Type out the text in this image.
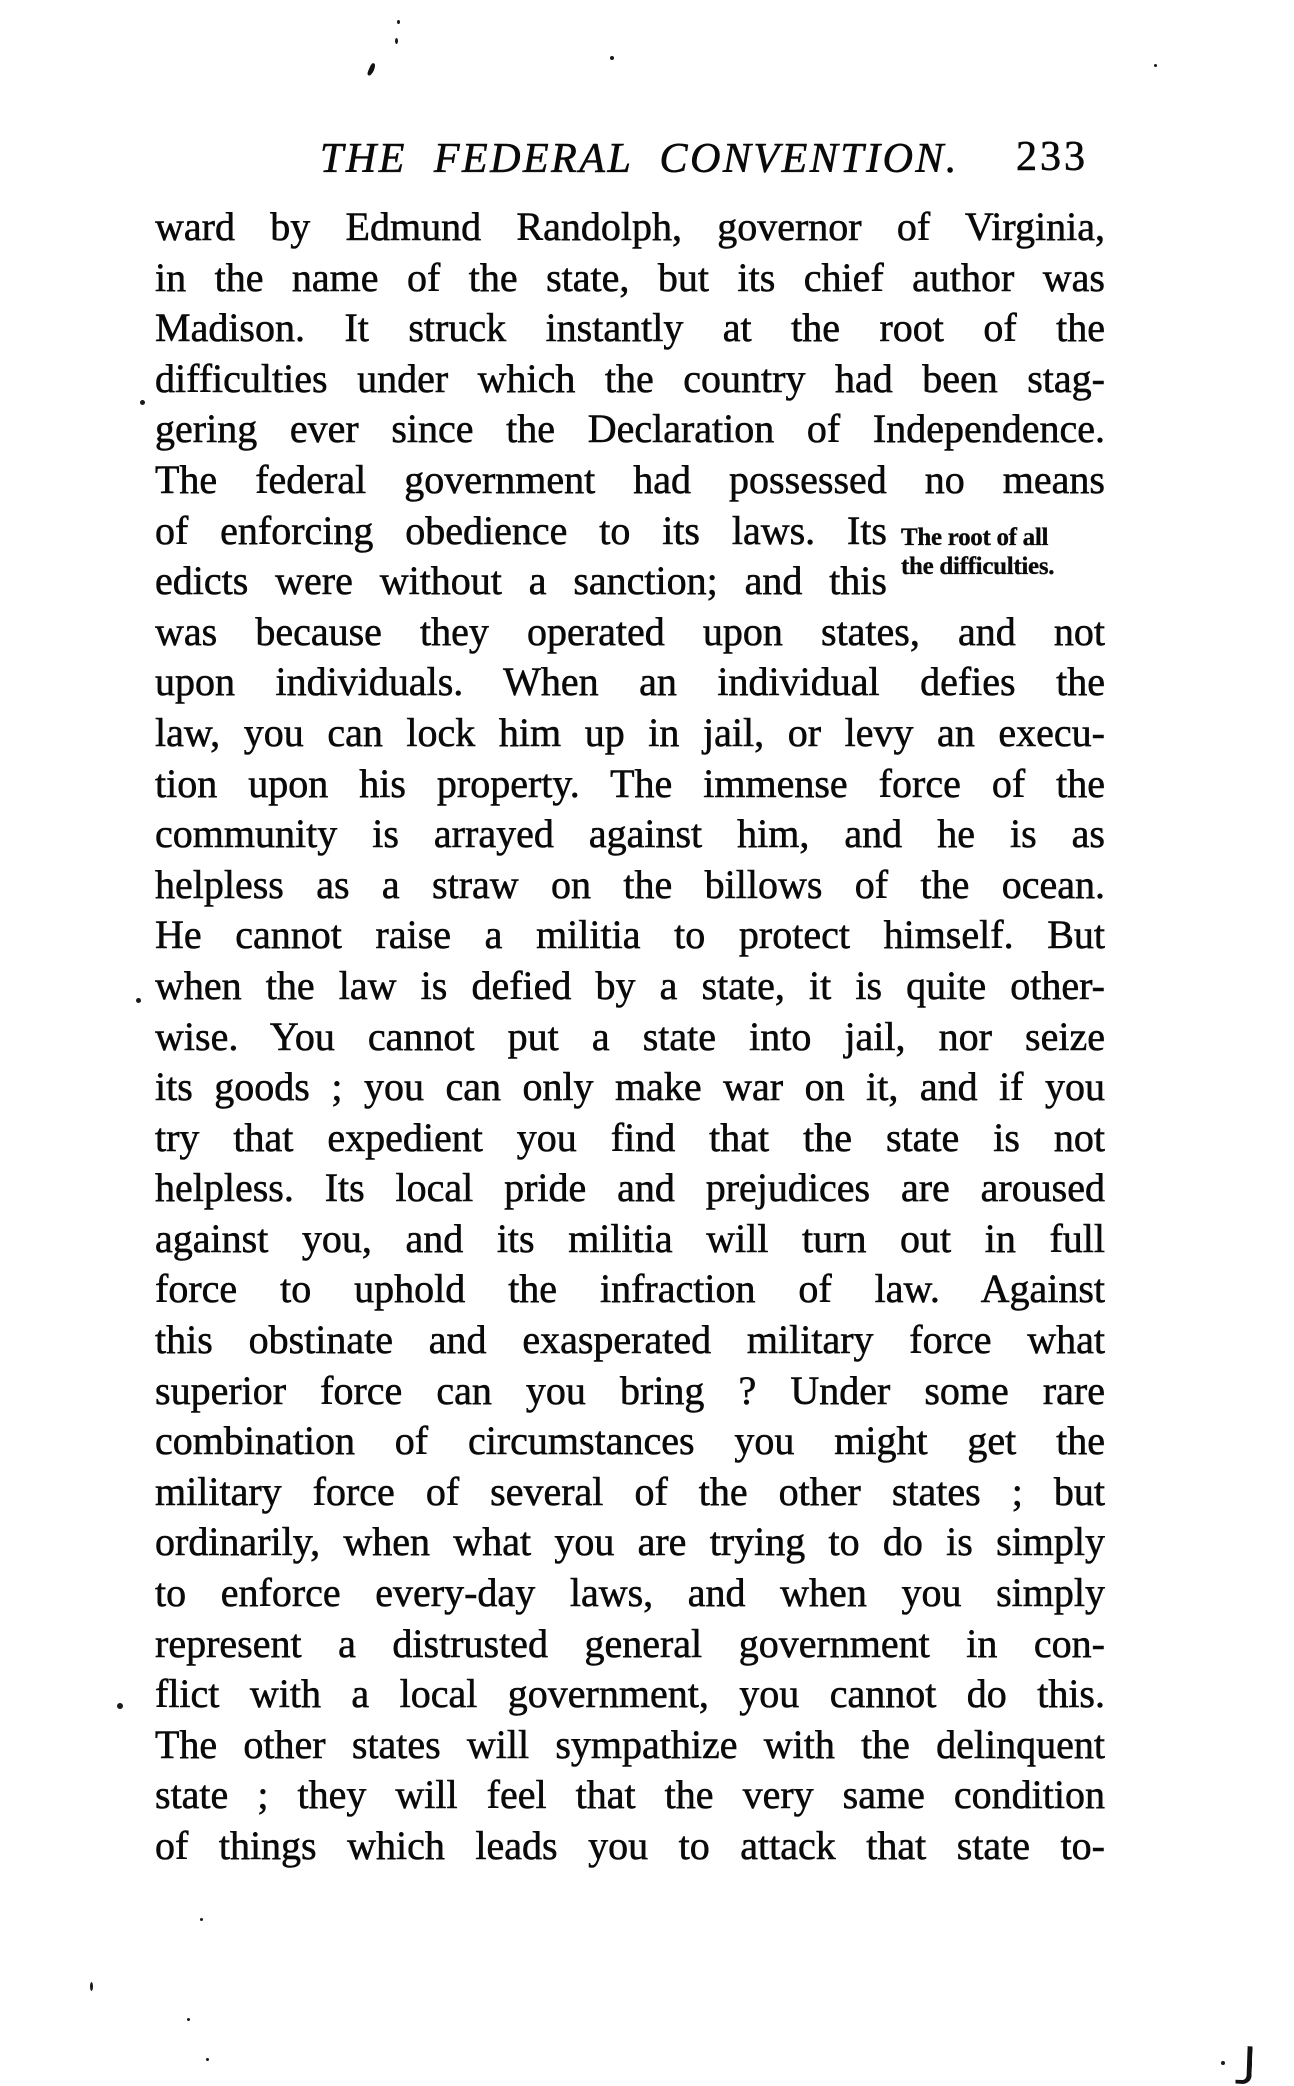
THE FEDERAL CONVENTION. 233
ward by Edmund Randolph, governor of Virginia,
in the name of the state, but its chief author was
Madison. It struck instantly at the root of the
difficulties under which the country had been stag-
gering ever since the Declaration of Independence.
The federal government had possessed no means
of enforcing obedience to its laws. Its
edicts were without a sanction; and this
was because they operated upon states, and not
upon individuals. When an individual defies the
law, you can lock him up in jail, or levy an execu-
tion upon his property. The immense force of the
community is arrayed against him, and he is as
helpless as a straw on the billows of the ocean.
He cannot raise a militia to protect himself. But
when the law is defied by a state, it is quite other-
wise. You cannot put a state into jail, nor seize
its goods ; you can only make war on it, and if you
try that expedient you find that the state is not
helpless. Its local pride and prejudices are aroused
against you, and its militia will turn out in full
force to uphold the infraction of law. Against
this obstinate and exasperated military force what
superior force can you bring ? Under some rare
combination of circumstances you might get the
military force of several of the other states ; but
ordinarily, when what you are trying to do is simply
to enforce every-day laws, and when you simply
represent a distrusted general government in con-
flict with a local government, you cannot do this.
The other states will sympathize with the delinquent
state ; they will feel that the very same condition
of things which leads you to attack that state to-
The root of all
the difficulties.
